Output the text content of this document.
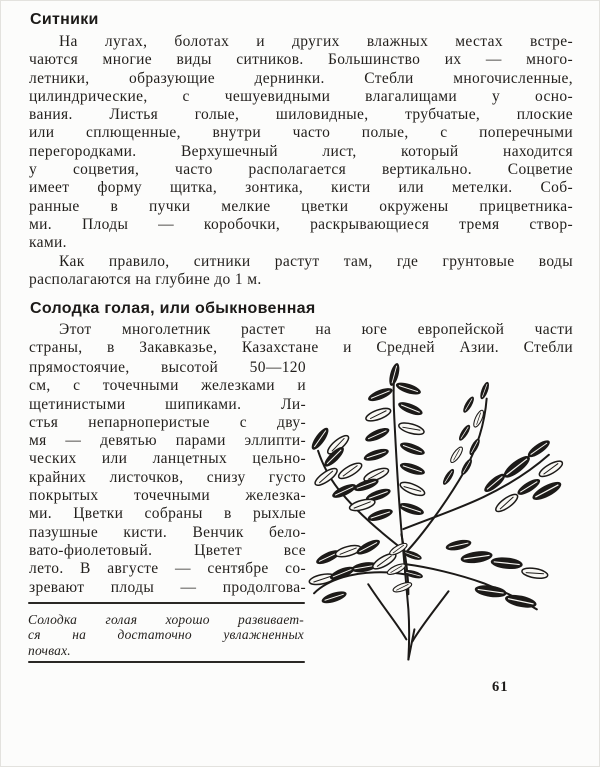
Ситники
На лугах, болотах и других влажных местах встре-
чаются многие виды ситников. Большинство их — много-
летники, образующие дернинки. Стебли многочисленные,
цилиндрические, с чешуевидными влагалищами у осно-
вания. Листья голые, шиловидные, трубчатые, плоские
или сплющенные, внутри часто полые, с поперечными
перегородками. Верхушечный лист, который находится
у соцветия, часто располагается вертикально. Соцветие
имеет форму щитка, зонтика, кисти или метелки. Соб-
ранные в пучки мелкие цветки окружены прицветника-
ми. Плоды — коробочки, раскрывающиеся тремя створ-
ками.
Как правило, ситники растут там, где грунтовые воды
располагаются на глубине до 1 м.
Солодка голая, или обыкновенная
Этот многолетник растет на юге европейской части
страны, в Закавказье, Казахстане и Средней Азии. Стебли
прямостоячие, высотой 50—120
см, с точечными железками и
щетинистыми шипиками. Ли-
стья непарноперистые с дву-
мя — девятью парами эллипти-
ческих или ланцетных цельно-
крайних листочков, снизу густо
покрытых точечными железка-
ми. Цветки собраны в рыхлые
пазушные кисти. Венчик бело-
вато-фиолетовый. Цветет все
лето. В августе — сентябре со-
зревают плоды — продолгова-
Солодка голая хорошо развивает-
ся на достаточно увлажненных
почвах.
61
